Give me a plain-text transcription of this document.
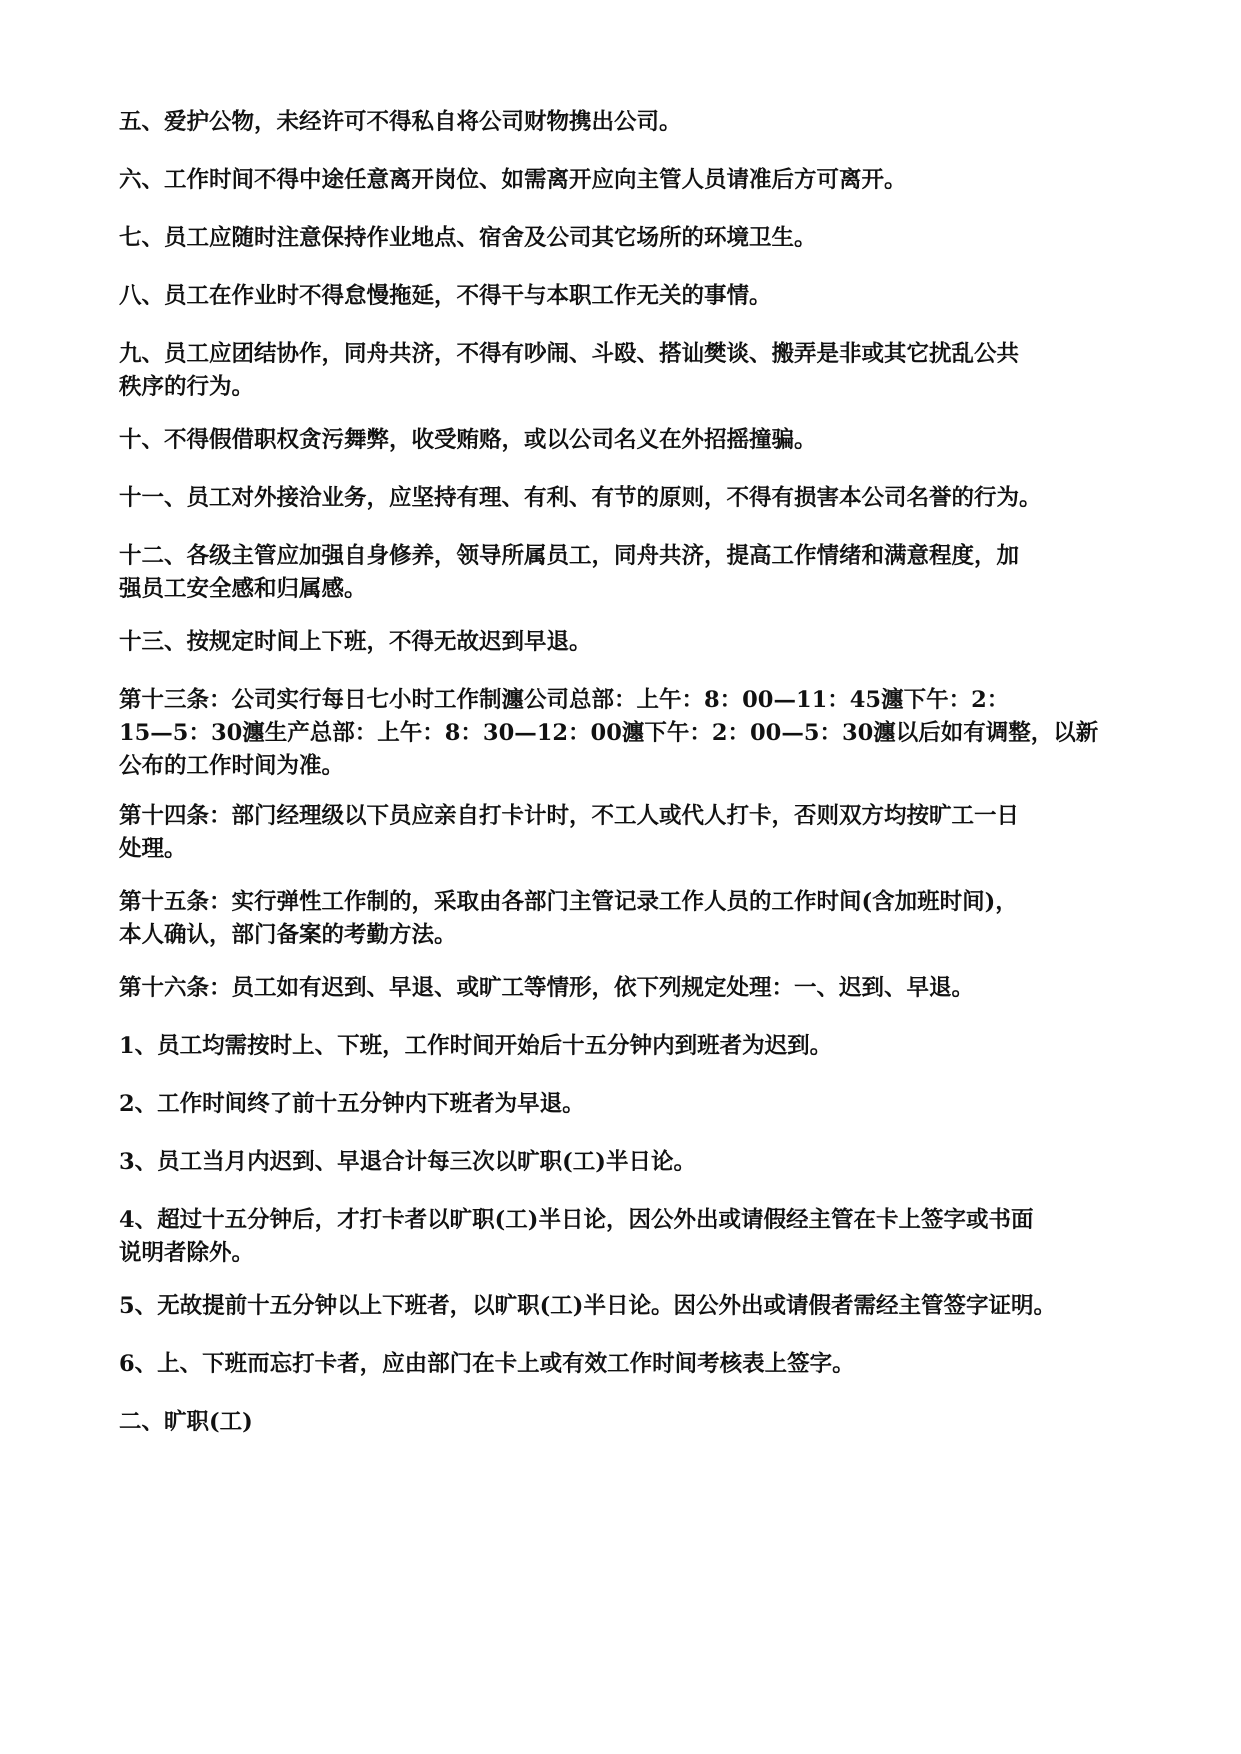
五、爱护公物，未经许可不得私自将公司财物携出公司。

六、工作时间不得中途任意离开岗位、如需离开应向主管人员请准后方可离开。

七、员工应随时注意保持作业地点、宿舍及公司其它场所的环境卫生。

八、员工在作业时不得怠慢拖延，不得干与本职工作无关的事情。

九、员工应团结协作，同舟共济，不得有吵闹、斗殴、搭讪樊谈、搬弄是非或其它扰乱公共
秩序的行为。

十、不得假借职权贪污舞弊，收受贿赂，或以公司名义在外招摇撞骗。

十一、员工对外接洽业务，应坚持有理、有利、有节的原则，不得有损害本公司名誉的行为。

十二、各级主管应加强自身修养，领导所属员工，同舟共济，提高工作情绪和满意程度，加
强员工安全感和归属感。

十三、按规定时间上下班，不得无故迟到早退。

第十三条：公司实行每日七小时工作制瀍公司总部：上午：8：00—11：45瀍下午：2：
15—5：30瀍生产总部：上午：8：30—12：00瀍下午：2：00—5：30瀍以后如有调整，以新
公布的工作时间为准。

第十四条：部门经理级以下员应亲自打卡计时，不工人或代人打卡，否则双方均按旷工一日
处理。

第十五条：实行弹性工作制的，采取由各部门主管记录工作人员的工作时间(含加班时间)，
本人确认，部门备案的考勤方法。

第十六条：员工如有迟到、早退、或旷工等情形，依下列规定处理：一、迟到、早退。

1、员工均需按时上、下班，工作时间开始后十五分钟内到班者为迟到。

2、工作时间终了前十五分钟内下班者为早退。

3、员工当月内迟到、早退合计每三次以旷职(工)半日论。

4、超过十五分钟后，才打卡者以旷职(工)半日论，因公外出或请假经主管在卡上签字或书面
说明者除外。

5、无故提前十五分钟以上下班者，以旷职(工)半日论。因公外出或请假者需经主管签字证明。

6、上、下班而忘打卡者，应由部门在卡上或有效工作时间考核表上签字。

二、旷职(工)
